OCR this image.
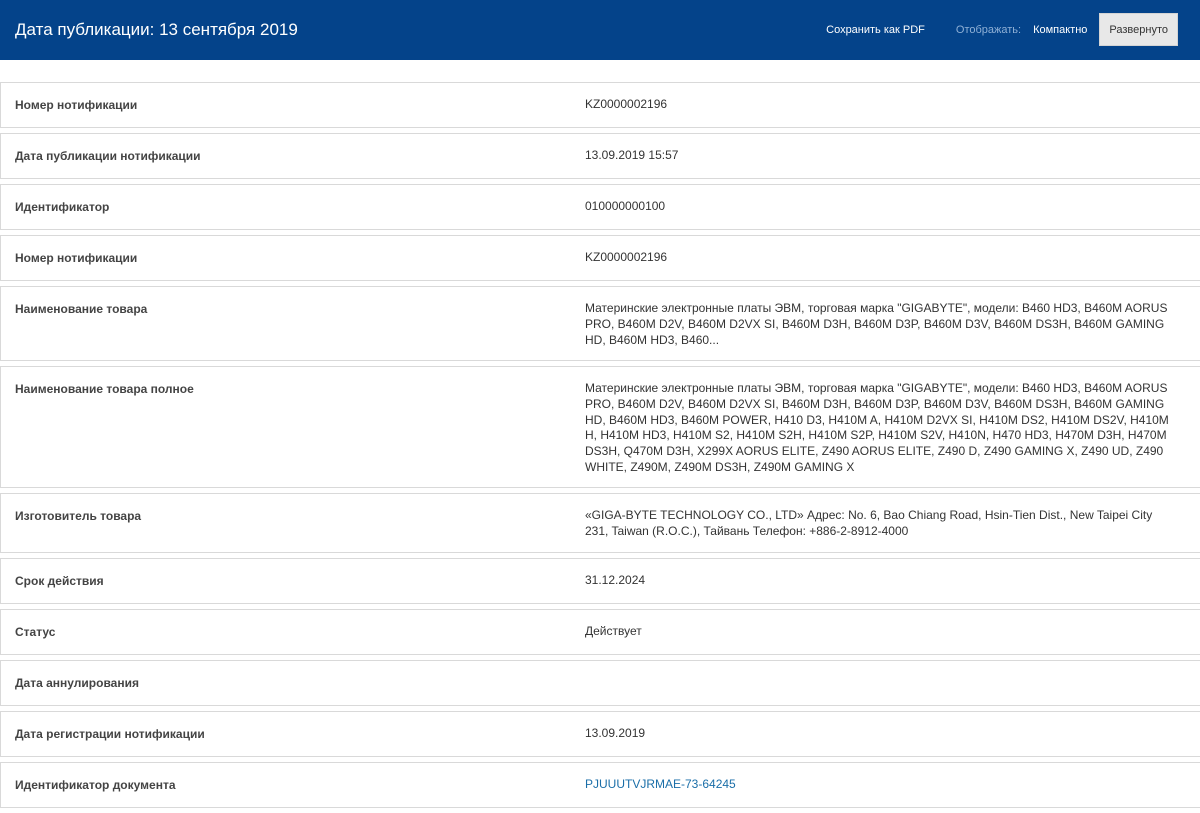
Дата публикации: 13 сентября 2019	Сохранить как PDF	Отображать: Компактно	Развернуто
Номер нотификации	KZ0000002196
Дата публикации нотификации	13.09.2019 15:57
Идентификатор	010000000100
Номер нотификации	KZ0000002196
Наименование товара	Материнские электронные платы ЭВМ, торговая марка "GIGABYTE", модели: B460 HD3, B460M AORUS PRO, B460M D2V, B460M D2VX SI, B460M D3H, B460M D3P, B460M D3V, B460M DS3H, B460M GAMING HD, B460M HD3, B460...
Наименование товара полное	Материнские электронные платы ЭВМ, торговая марка "GIGABYTE", модели: B460 HD3, B460M AORUS PRO, B460M D2V, B460M D2VX SI, B460M D3H, B460M D3P, B460M D3V, B460M DS3H, B460M GAMING HD, B460M HD3, B460M POWER, H410 D3, H410M A, H410M D2VX SI, H410M DS2, H410M DS2V, H410M H, H410M HD3, H410M S2, H410M S2H, H410M S2P, H410M S2V, H410N, H470 HD3, H470M D3H, H470M DS3H, Q470M D3H, X299X AORUS ELITE, Z490 AORUS ELITE, Z490 D, Z490 GAMING X, Z490 UD, Z490 WHITE, Z490M, Z490M DS3H, Z490M GAMING X
Изготовитель товара	«GIGA-BYTE TECHNOLOGY CO., LTD» Адрес: No. 6, Bao Chiang Road, Hsin-Tien Dist., New Taipei City 231, Taiwan (R.O.C.), Тайвань Телефон: +886-2-8912-4000
Срок действия	31.12.2024
Статус	Действует
Дата аннулирования
Дата регистрации нотификации	13.09.2019
Идентификатор документа	PJUUUTVJRMAE-73-64245
